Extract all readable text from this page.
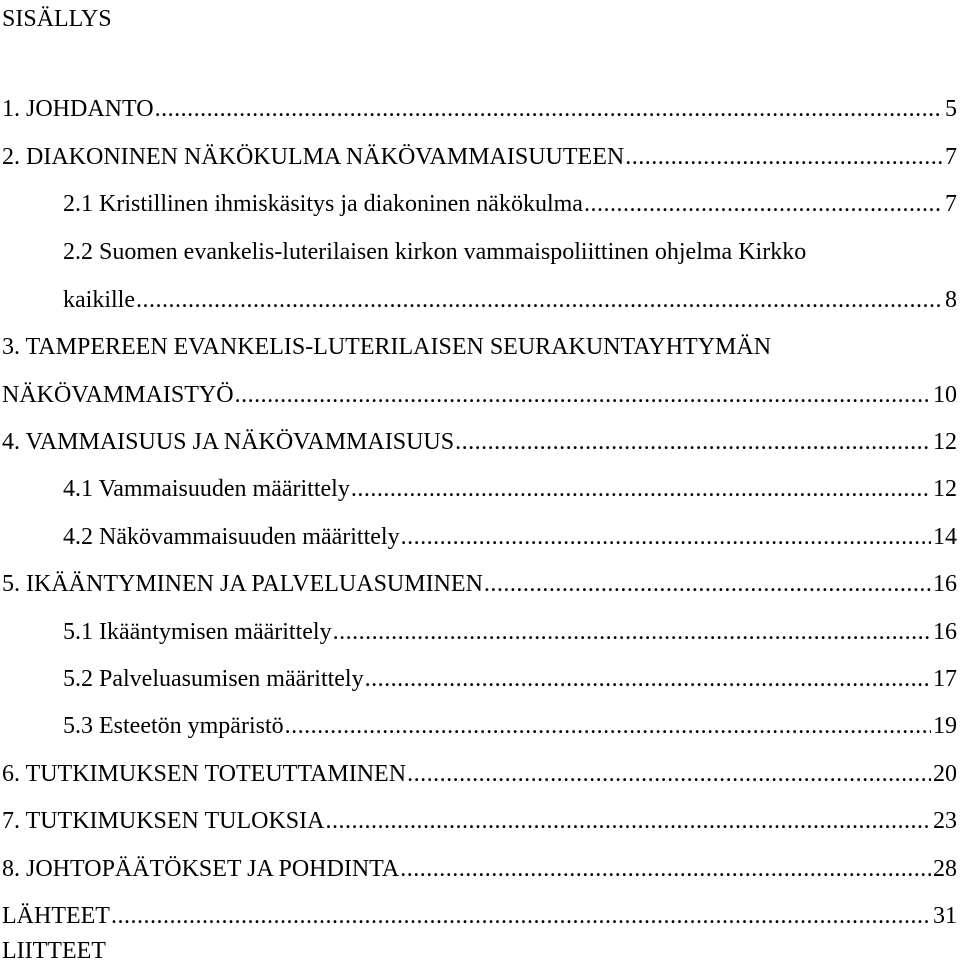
SISÄLLYS
1. JOHDANTO .....	5
2. DIAKONINEN NÄKÖKULMA NÄKÖVAMMAISUUTEEN .....	7
2.1 Kristillinen ihmiskäsitys ja diakoninen näkökulma .....	7
2.2 Suomen evankelis-luterilaisen kirkon vammaispoliittinen ohjelma Kirkko
kaikille .....	8
3. TAMPEREEN EVANKELIS-LUTERILAISEN SEURAKUNTAYHTYMÄN
NÄKÖVAMMAISTYÖ .....	10
4. VAMMAISUUS JA NÄKÖVAMMAISUUS .....	12
4.1 Vammaisuuden määrittely .....	12
4.2 Näkövammaisuuden määrittely .....	14
5. IKÄÄNTYMINEN JA PALVELUASUMINEN .....	16
5.1 Ikääntymisen määrittely .....	16
5.2 Palveluasumisen määrittely .....	17
5.3 Esteetön ympäristö .....	19
6. TUTKIMUKSEN TOTEUTTAMINEN .....	20
7. TUTKIMUKSEN TULOKSIA .....	23
8. JOHTOPÄÄTÖKSET JA POHDINTA .....	28
LÄHTEET .....	31
LIITTEET
